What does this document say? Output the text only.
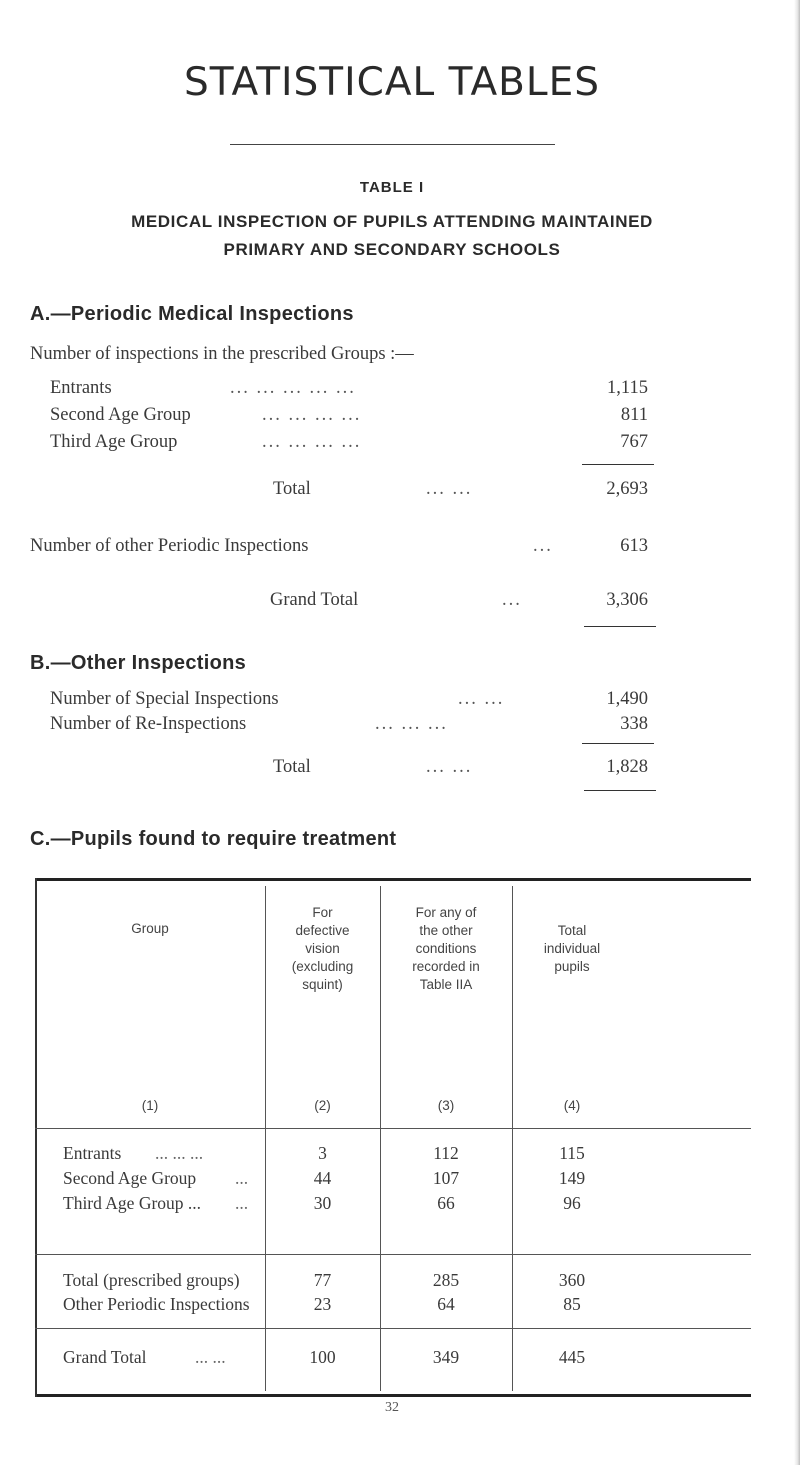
STATISTICAL TABLES
TABLE I
MEDICAL INSPECTION OF PUPILS ATTENDING MAINTAINED
PRIMARY AND SECONDARY SCHOOLS
A.—Periodic Medical Inspections
Number of inspections in the prescribed Groups :—
Entrants	... ... ... ... ...	1,115
Second Age Group	... ... ... ...	811
Third Age Group	... ... ... ...	767
Total	... ...	2,693
Number of other Periodic Inspections	...	613
Grand Total	...	3,306
B.—Other Inspections
Number of Special Inspections	... ...	1,490
Number of Re-Inspections	... ... ...	338
Total	... ...	1,828
C.—Pupils found to require treatment
Group
(1)
For
defective
vision
(excluding
squint)
(2)
For any of
the other
conditions
recorded in
Table IIA
(3)
Total
individual
pupils
(4)
Entrants ... ... ...	3	112	115
Second Age Group ...	44	107	149
Third Age Group ... ...	30	66	96
Total (prescribed groups)	77	285	360
Other Periodic Inspections	23	64	85
Grand Total	... ...	100	349	445
32
